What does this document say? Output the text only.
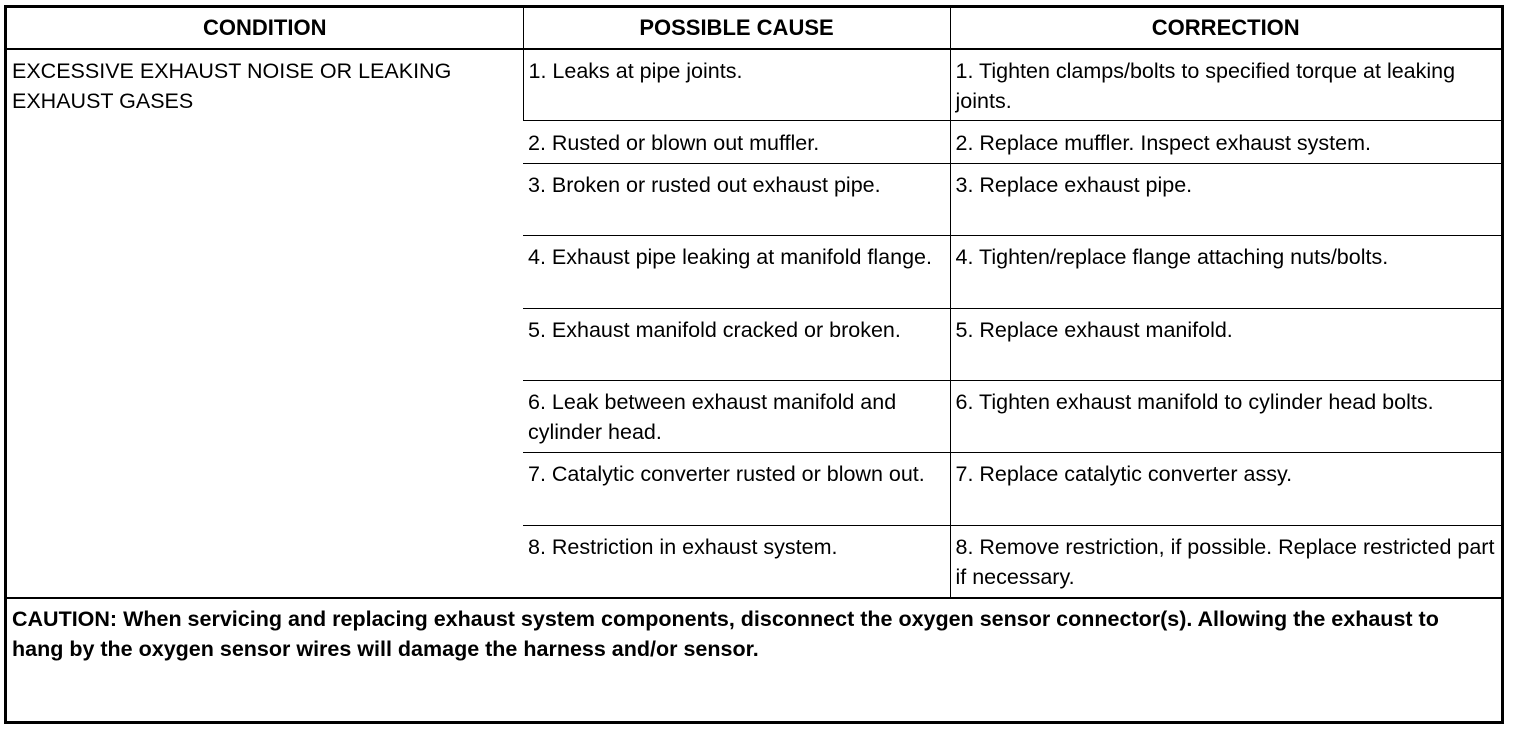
CONDITION	POSSIBLE CAUSE	CORRECTION
EXCESSIVE EXHAUST NOISE OR LEAKING EXHAUST GASES	1. Leaks at pipe joints.	1. Tighten clamps/bolts to specified torque at leaking joints.
	2. Rusted or blown out muffler.	2. Replace muffler. Inspect exhaust system.
	3. Broken or rusted out exhaust pipe.	3. Replace exhaust pipe.
	4. Exhaust pipe leaking at manifold flange.	4. Tighten/replace flange attaching nuts/bolts.
	5. Exhaust manifold cracked or broken.	5. Replace exhaust manifold.
	6. Leak between exhaust manifold and cylinder head.	6. Tighten exhaust manifold to cylinder head bolts.
	7. Catalytic converter rusted or blown out.	7. Replace catalytic converter assy.
	8. Restriction in exhaust system.	8. Remove restriction, if possible. Replace restricted part if necessary.
CAUTION: When servicing and replacing exhaust system components, disconnect the oxygen sensor connector(s). Allowing the exhaust to hang by the oxygen sensor wires will damage the harness and/or sensor.
